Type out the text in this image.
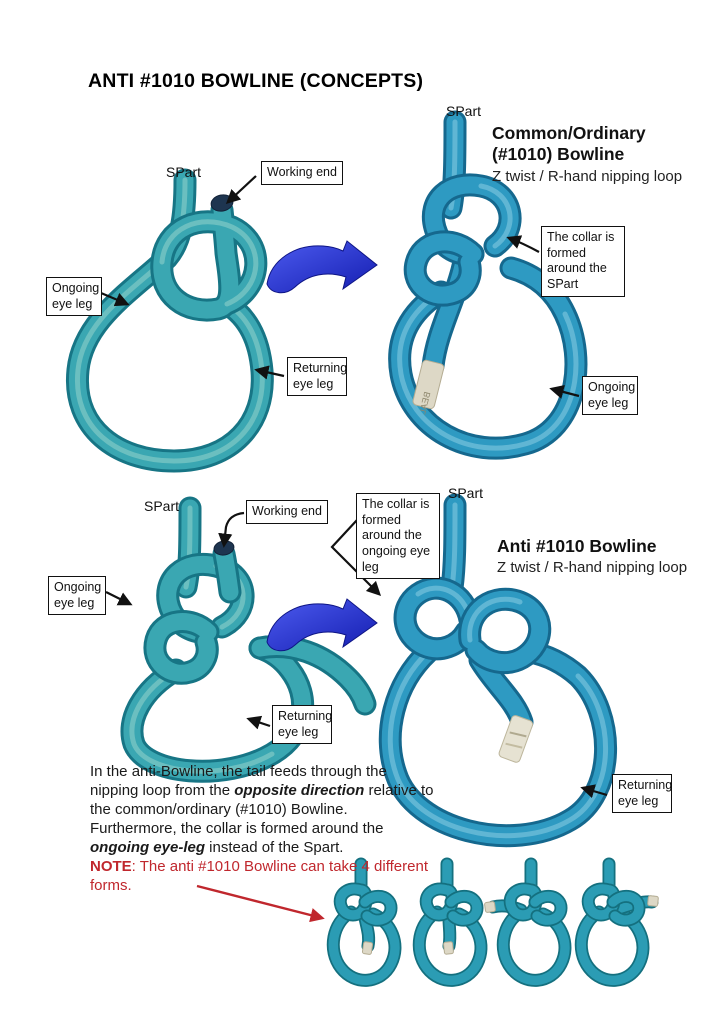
ANTI #1010 BOWLINE (CONCEPTS)
BEAL
SPart	Working end
Ongoing eye leg
Returning eye leg
SPart
Common/Ordinary
(#1010) Bowline
Z twist / R-hand nipping loop
The collar is formed around the SPart
Ongoing eye leg
SPart	Working end
Ongoing eye leg
Returning eye leg
The collar is formed around the ongoing eye leg
SPart
Anti #1010 Bowline
Z twist / R-hand nipping loop
Returning eye leg
In the anti-Bowline, the tail feeds through the nipping loop from the opposite direction relative to the common/ordinary (#1010) Bowline. Furthermore, the collar is formed around the ongoing eye-leg instead of the Spart.
NOTE: The anti #1010 Bowline can take 4 different forms.
